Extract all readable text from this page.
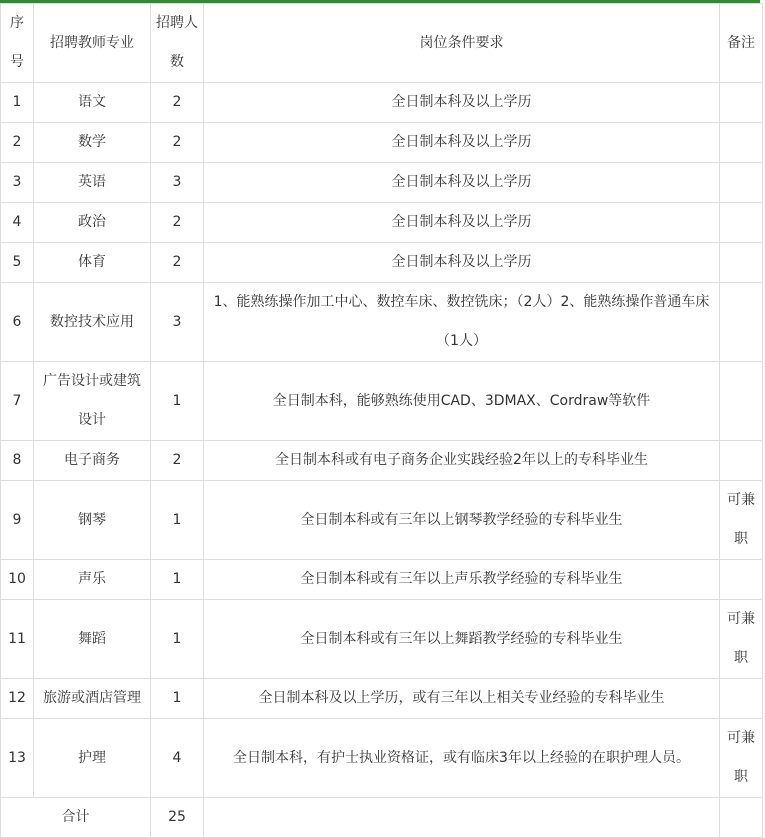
序号	招聘教师专业	招聘人数	岗位条件要求	备注
1	语文	2	全日制本科及以上学历	
2	数学	2	全日制本科及以上学历	
3	英语	3	全日制本科及以上学历	
4	政治	2	全日制本科及以上学历	
5	体育	2	全日制本科及以上学历	
6	数控技术应用	3	1、能熟练操作加工中心、数控车床、数控铣床；（2人）2、能熟练操作普通车床（1人）	
7	广告设计或建筑设计	1	全日制本科，能够熟练使用CAD、3DMAX、Cordraw等软件	
8	电子商务	2	全日制本科或有电子商务企业实践经验2年以上的专科毕业生	
9	钢琴	1	全日制本科或有三年以上钢琴教学经验的专科毕业生	可兼职
10	声乐	1	全日制本科或有三年以上声乐教学经验的专科毕业生	
11	舞蹈	1	全日制本科或有三年以上舞蹈教学经验的专科毕业生	可兼职
12	旅游或酒店管理	1	全日制本科及以上学历，或有三年以上相关专业经验的专科毕业生	
13	护理	4	全日制本科，有护士执业资格证，或有临床3年以上经验的在职护理人员。	可兼职
合计		25		
